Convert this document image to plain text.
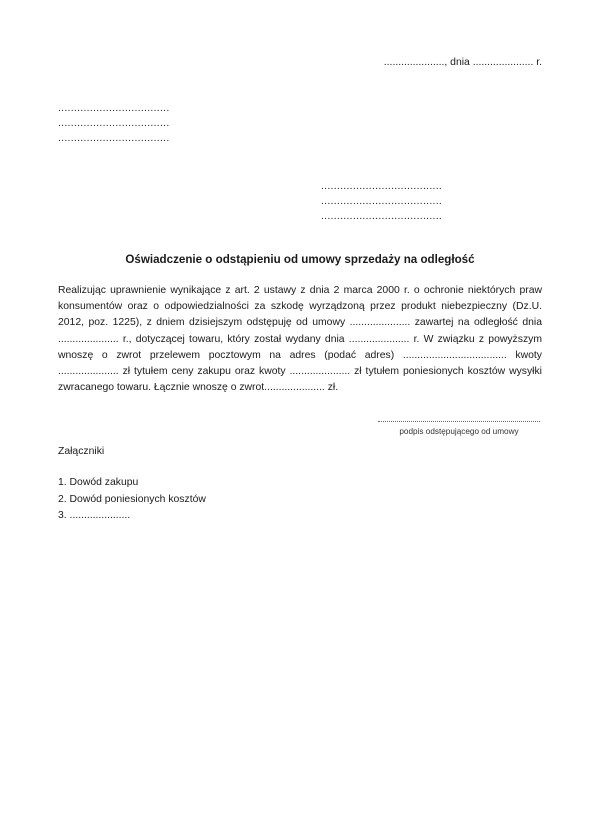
....................., dnia ..................... r.
...................................
...................................
...................................
......................................
......................................
......................................
Oświadczenie o odstąpieniu od umowy sprzedaży na odległość

Realizując uprawnienie wynikające z art. 2 ustawy z dnia 2 marca 2000 r. o ochronie niektórych praw konsumentów oraz o odpowiedzialności za szkodę wyrządzoną przez produkt niebezpieczny (Dz.U. 2012, poz. 1225), z dniem dzisiejszym odstępuję od umowy ..................... zawartej na odległość dnia ..................... r., dotyczącej towaru, który został wydany dnia ..................... r. W związku z powyższym wnoszę o zwrot przelewem pocztowym na adres (podać adres) .................................... kwoty ..................... zł tytułem ceny zakupu oraz kwoty ..................... zł tytułem poniesionych kosztów wysyłki zwracanego towaru. Łącznie wnoszę o zwrot..................... zł.

podpis odstępującego od umowy
Załączniki
1. Dowód zakupu
2. Dowód poniesionych kosztów
3. .....................
